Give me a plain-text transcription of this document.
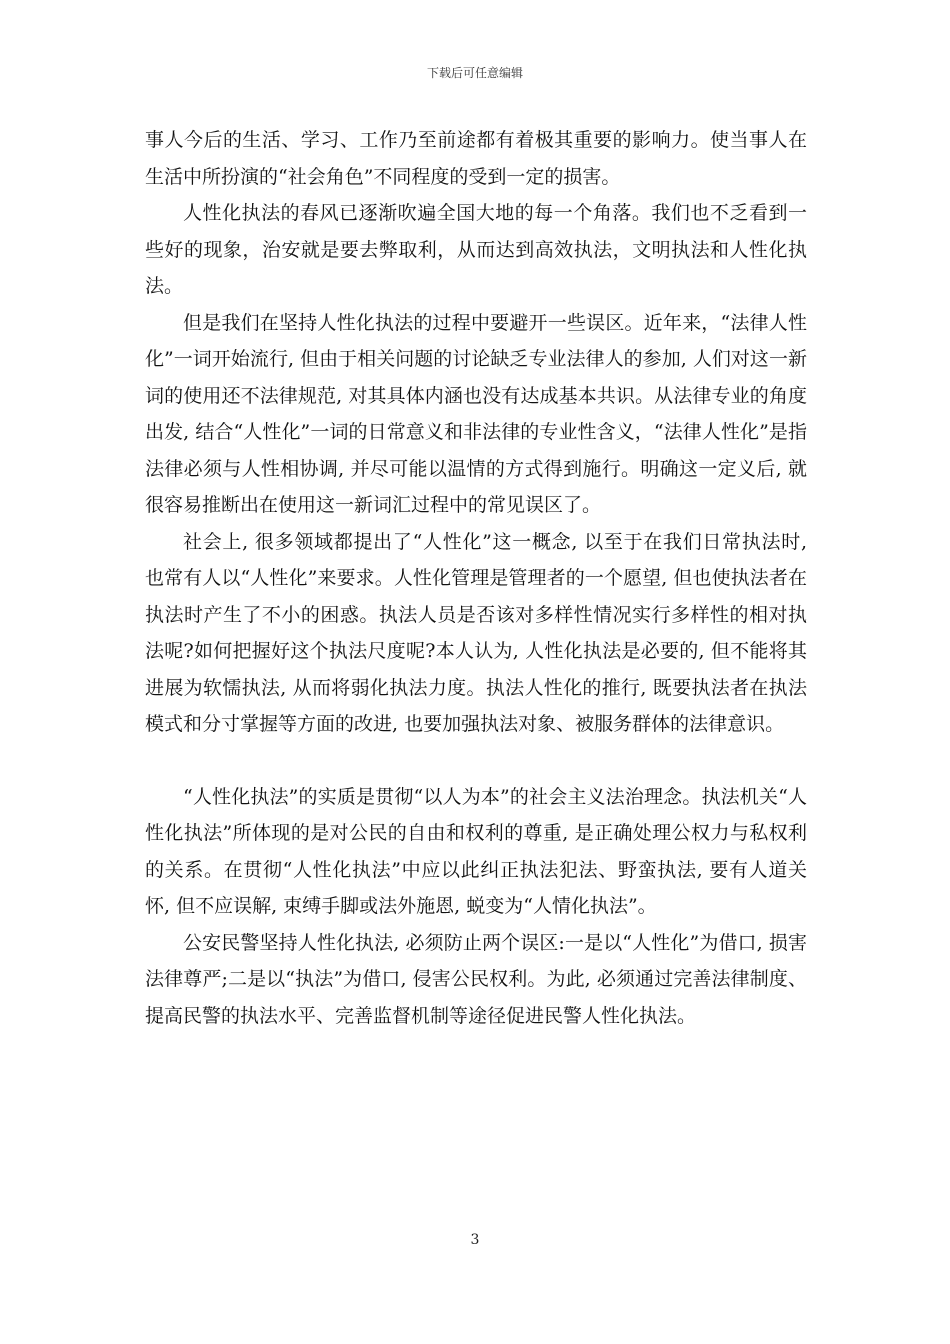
下载后可任意编辑

事人今后的生活、学习、工作乃至前途都有着极其重要的影响力。使当事人在生活中所扮演的“社会角色”不同程度的受到一定的损害。

人性化执法的春风已逐渐吹遍全国大地的每一个角落。我们也不乏看到一些好的现象，治安就是要去弊取利，从而达到高效执法，文明执法和人性化执法。

但是我们在坚持人性化执法的过程中要避开一些误区。近年来，“法律人性化”一词开始流行, 但由于相关问题的讨论缺乏专业法律人的参加, 人们对这一新词的使用还不法律规范, 对其具体内涵也没有达成基本共识。从法律专业的角度出发, 结合“人性化”一词的日常意义和非法律的专业性含义，“法律人性化”是指法律必须与人性相协调, 并尽可能以温情的方式得到施行。明确这一定义后, 就很容易推断出在使用这一新词汇过程中的常见误区了。

社会上, 很多领域都提出了“人性化”这一概念, 以至于在我们日常执法时, 也常有人以“人性化”来要求。人性化管理是管理者的一个愿望, 但也使执法者在执法时产生了不小的困惑。执法人员是否该对多样性情况实行多样性的相对执法呢?如何把握好这个执法尺度呢?本人认为, 人性化执法是必要的, 但不能将其进展为软懦执法, 从而将弱化执法力度。执法人性化的推行, 既要执法者在执法模式和分寸掌握等方面的改进, 也要加强执法对象、被服务群体的法律意识。

“人性化执法”的实质是贯彻“以人为本”的社会主义法治理念。执法机关“人性化执法”所体现的是对公民的自由和权利的尊重, 是正确处理公权力与私权利的关系。在贯彻“人性化执法”中应以此纠正执法犯法、野蛮执法, 要有人道关怀, 但不应误解, 束缚手脚或法外施恩, 蜕变为“人情化执法”。

公安民警坚持人性化执法, 必须防止两个误区:一是以“人性化”为借口, 损害法律尊严;二是以“执法”为借口, 侵害公民权利。为此, 必须通过完善法律制度、提高民警的执法水平、完善监督机制等途径促进民警人性化执法。

3
